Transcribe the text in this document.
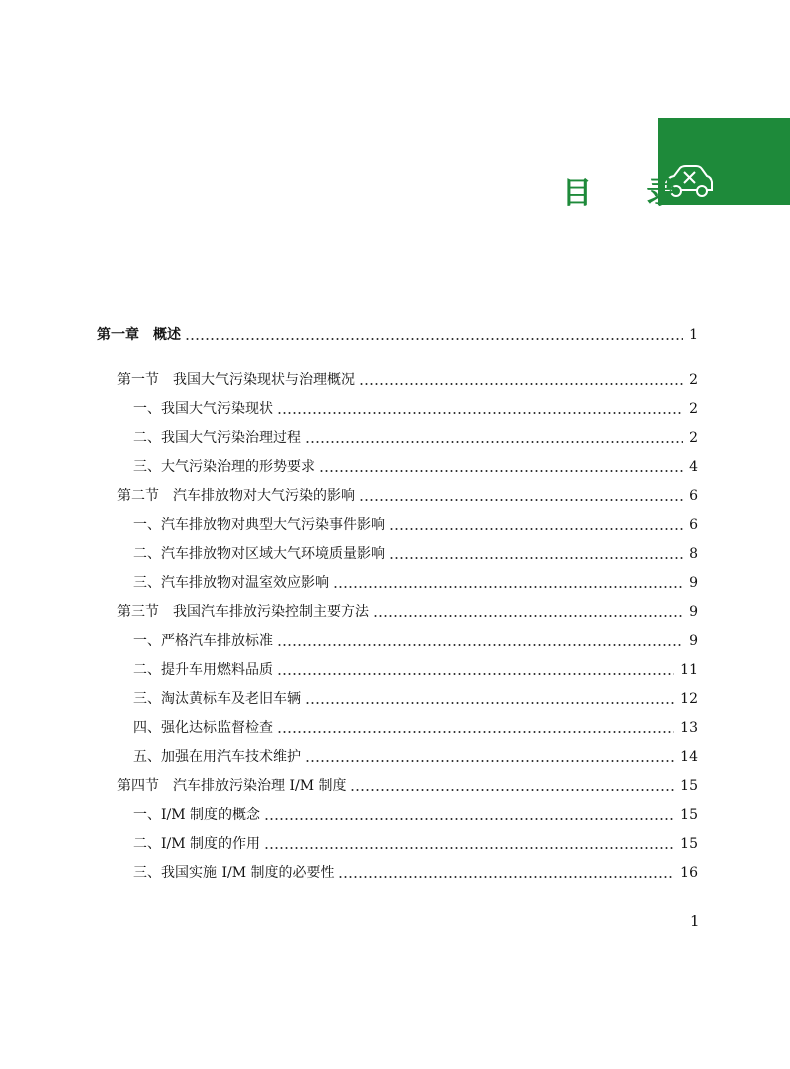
目 录
第一章　概述	1
第一节　我国大气污染现状与治理概况	2
一、我国大气污染现状	2
二、我国大气污染治理过程	2
三、大气污染治理的形势要求	4
第二节　汽车排放物对大气污染的影响	6
一、汽车排放物对典型大气污染事件影响	6
二、汽车排放物对区域大气环境质量影响	8
三、汽车排放物对温室效应影响	9
第三节　我国汽车排放污染控制主要方法	9
一、严格汽车排放标准	9
二、提升车用燃料品质	11
三、淘汰黄标车及老旧车辆	12
四、强化达标监督检查	13
五、加强在用汽车技术维护	14
第四节　汽车排放污染治理 I/M 制度	15
一、I/M 制度的概念	15
二、I/M 制度的作用	15
三、我国实施 I/M 制度的必要性	16
1
